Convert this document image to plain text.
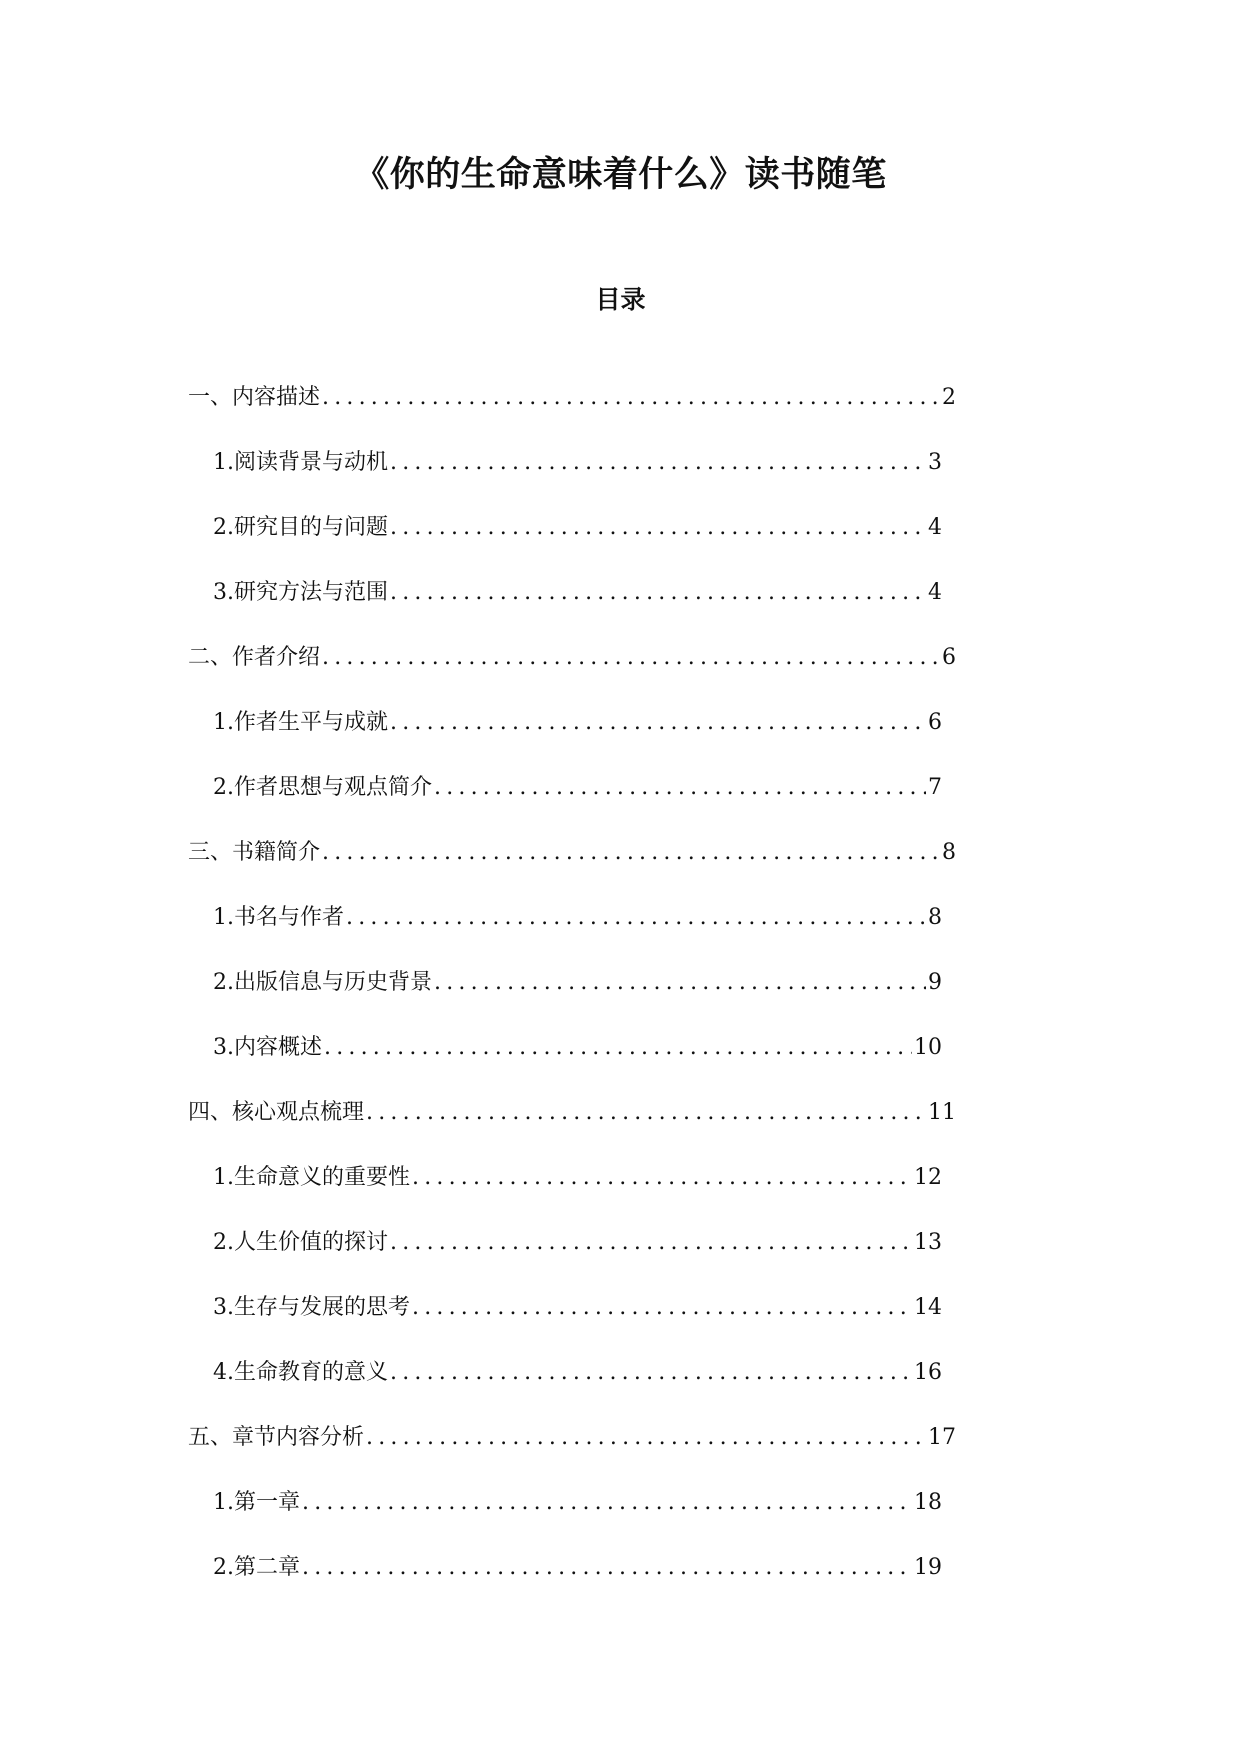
《你的生命意味着什么》读书随笔
目录
一、内容描述 .....	2
1. 阅读背景与动机 .....	3
2. 研究目的与问题 .....	4
3. 研究方法与范围 .....	4
二、作者介绍 .....	6
1. 作者生平与成就 .....	6
2. 作者思想与观点简介 .....	7
三、书籍简介 .....	8
1. 书名与作者 .....	8
2. 出版信息与历史背景 .....	9
3. 内容概述 .....	10
四、核心观点梳理 .....	11
1. 生命意义的重要性 .....	12
2. 人生价值的探讨 .....	13
3. 生存与发展的思考 .....	14
4. 生命教育的意义 .....	16
五、章节内容分析 .....	17
1. 第一章 .....	18
2. 第二章 .....	19
